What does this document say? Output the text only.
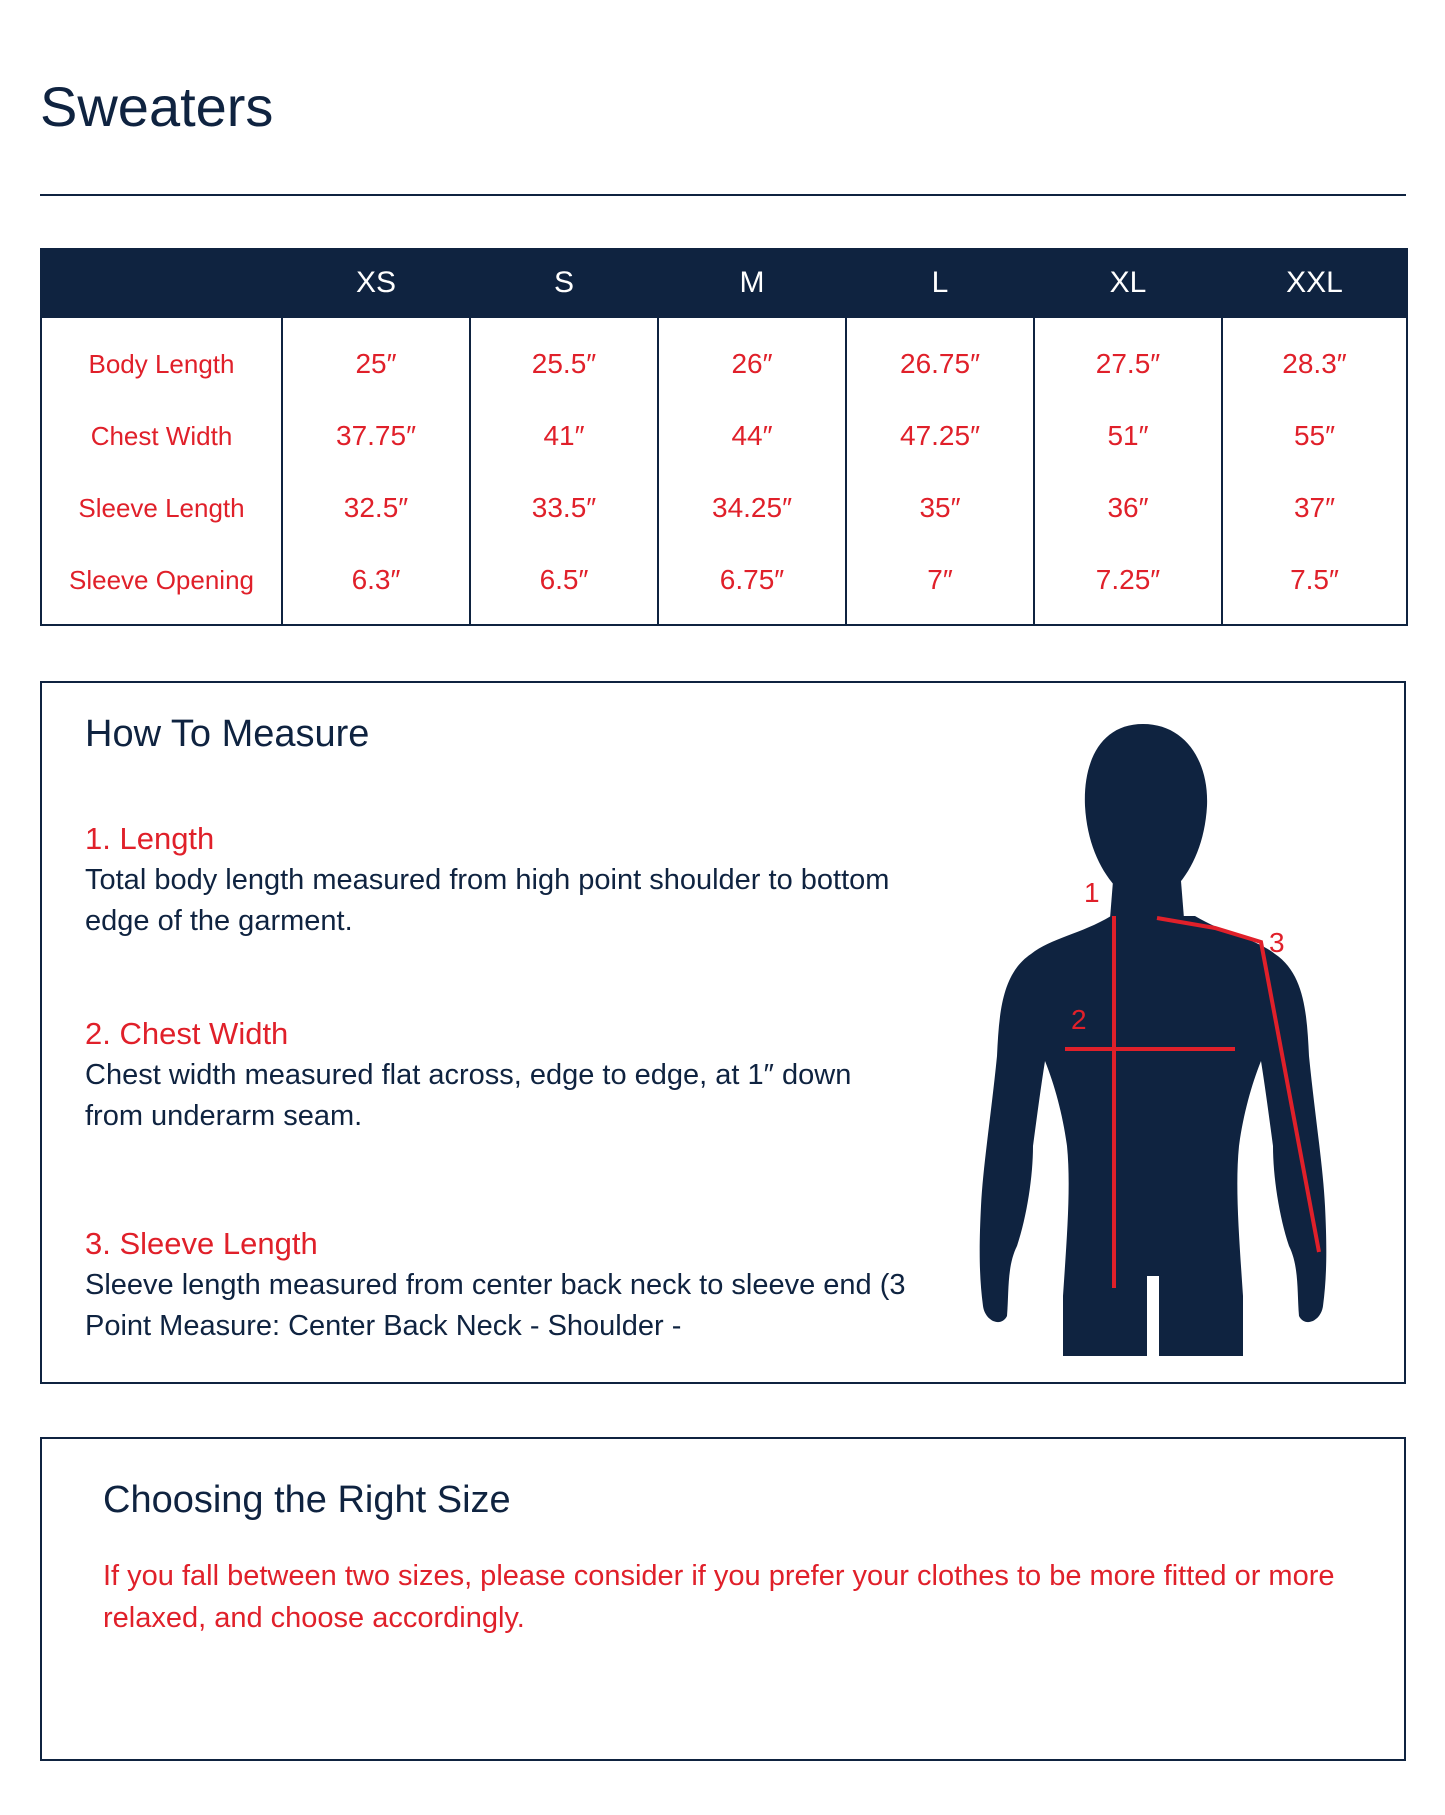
Sweaters
	XS	S	M	L	XL	XXL
Body Length	25″	25.5″	26″	26.75″	27.5″	28.3″
Chest Width	37.75″	41″	44″	47.25″	51″	55″
Sleeve Length	32.5″	33.5″	34.25″	35″	36″	37″
Sleeve Opening	6.3″	6.5″	6.75″	7″	7.25″	7.5″
How To Measure
1. Length
Total body length measured from high point shoulder to bottom edge of the garment.
2. Chest Width
Chest width measured flat across, edge to edge, at 1″ down from underarm seam.
3. Sleeve Length
Sleeve length measured from center back neck to sleeve end (3 Point Measure: Center Back Neck - Shoulder -
1
2
3
Choosing the Right Size
If you fall between two sizes, please consider if you prefer your clothes to be more fitted or more relaxed, and choose accordingly.
